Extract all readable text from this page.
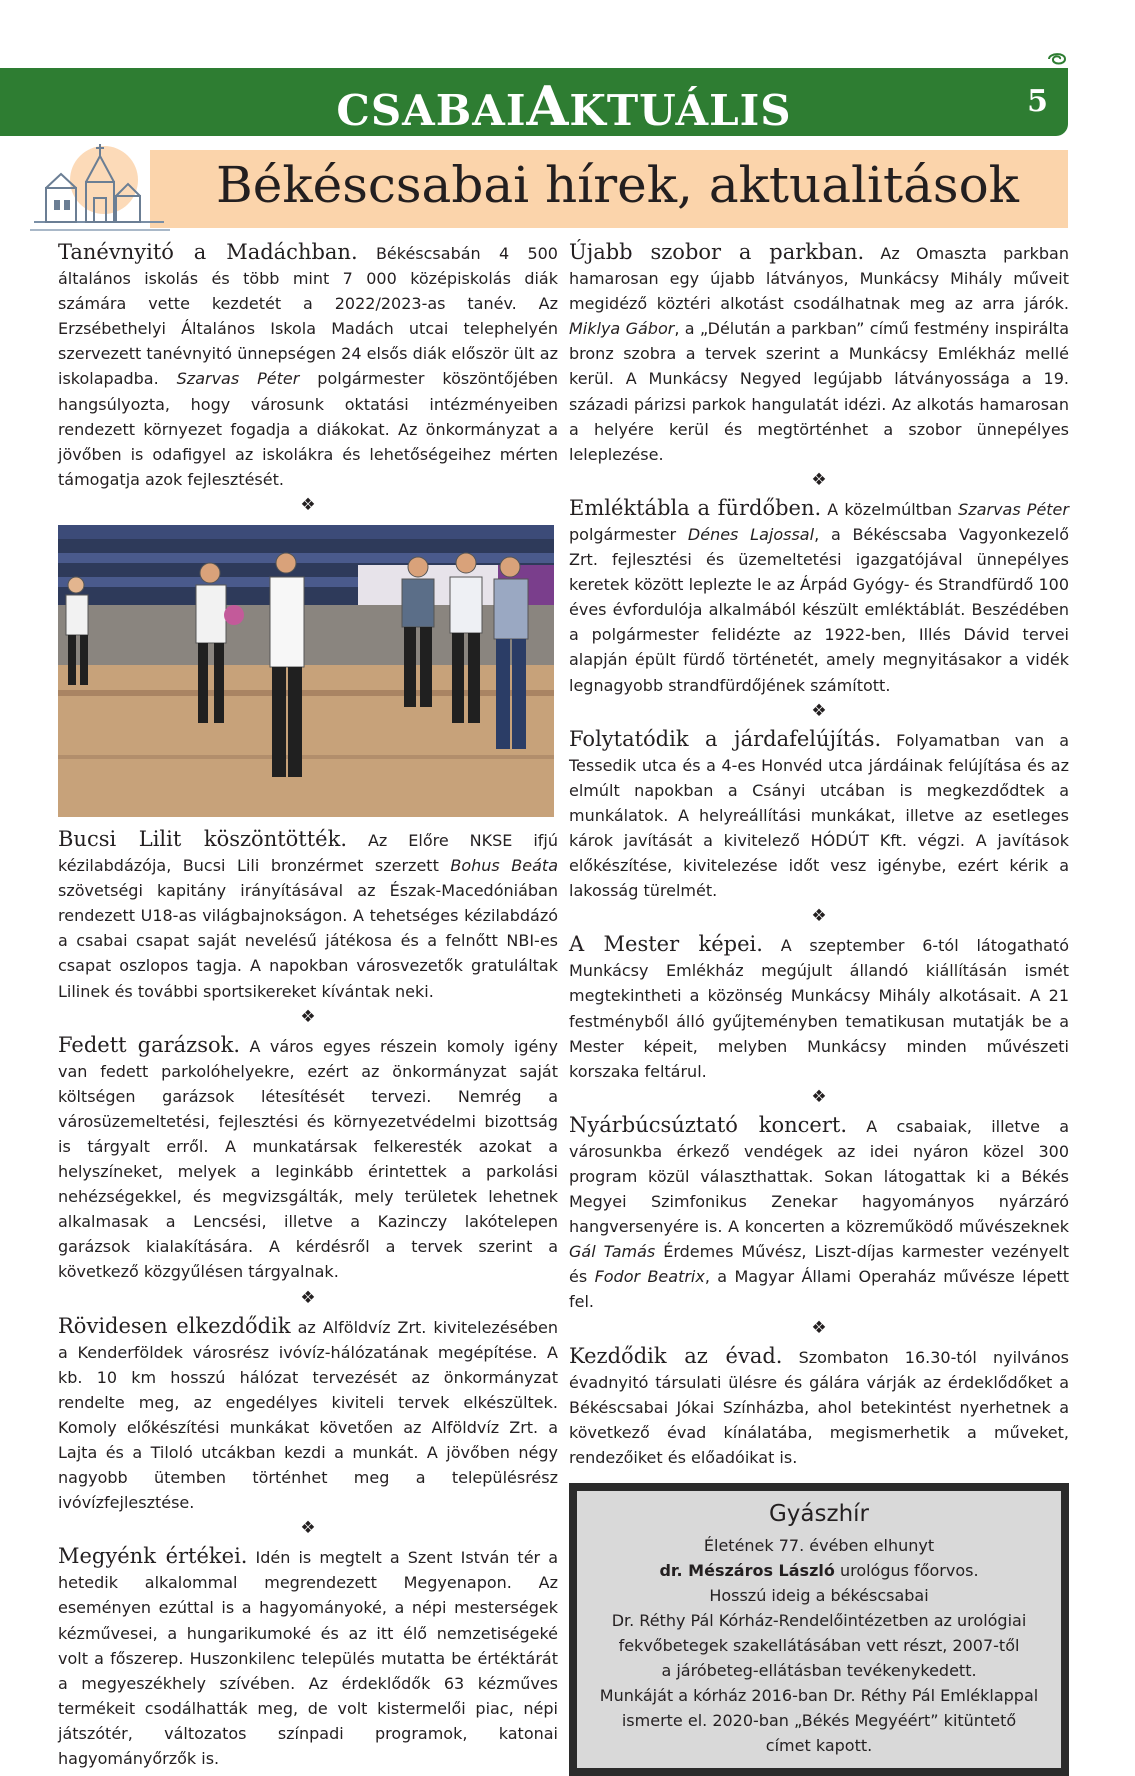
CSABAIAKTUÁLIS	5
Békéscsabai hírek, aktualitások

Tanévnyitó a Madáchban. Békéscsabán 4 500 általános iskolás és több mint 7 000 középiskolás diák számára vette kezdetét a 2022/2023-as tanév. Az Erzsébethelyi Általános Iskola Madách utcai telephelyén szervezett tanévnyitó ünnepségen 24 elsős diák először ült az iskolapadba. Szarvas Péter polgármester köszöntőjében hangsúlyozta, hogy városunk oktatási intézményeiben rendezett környezet fogadja a diákokat. Az önkormányzat a jövőben is odafigyel az iskolákra és lehetőségeihez mérten támogatja azok fejlesztését.

❖

Bucsi Lilit köszöntötték. Az Előre NKSE ifjú kézilabdázója, Bucsi Lili bronzérmet szerzett Bohus Beáta szövetségi kapitány irányításával az Észak-Macedóniában rendezett U18-as világbajnokságon. A tehetséges kézilabdázó a csabai csapat saját nevelésű játékosa és a felnőtt NBI-es csapat oszlopos tagja. A napokban városvezetők gratuláltak Lilinek és további sportsikereket kívántak neki.

❖

Fedett garázsok. A város egyes részein komoly igény van fedett parkolóhelyekre, ezért az önkormányzat saját költségen garázsok létesítését tervezi. Nemrég a városüzemeltetési, fejlesztési és környezetvédelmi bizottság is tárgyalt erről. A munkatársak felkeresték azokat a helyszíneket, melyek a leginkább érintettek a parkolási nehézségekkel, és megvizsgálták, mely területek lehetnek alkalmasak a Lencsési, illetve a Kazinczy lakótelepen garázsok kialakítására. A kérdésről a tervek szerint a következő közgyűlésen tárgyalnak.

❖

Rövidesen elkezdődik az Alföldvíz Zrt. kivitelezésében a Kenderföldek városrész ivóvíz-hálózatának megépítése. A kb. 10 km hosszú hálózat tervezését az önkormányzat rendelte meg, az engedélyes kiviteli tervek elkészültek. Komoly előkészítési munkákat követően az Alföldvíz Zrt. a Lajta és a Tiloló utcákban kezdi a munkát. A jövőben négy nagyobb ütemben történhet meg a településrész ivóvízfejlesztése.

❖

Megyénk értékei. Idén is megtelt a Szent István tér a hetedik alkalommal megrendezett Megyenapon. Az eseményen ezúttal is a hagyományoké, a népi mesterségek kézművesei, a hungarikumoké és az itt élő nemzetiségeké volt a főszerep. Huszonkilenc település mutatta be értéktárát a megyeszékhely szívében. Az érdeklődők 63 kézműves termékeit csodálhatták meg, de volt kistermelői piac, népi játszótér, változatos színpadi programok, katonai hagyományőrzők is.

Újabb szobor a parkban. Az Omaszta parkban hamarosan egy újabb látványos, Munkácsy Mihály műveit megidéző köztéri alkotást csodálhatnak meg az arra járók. Miklya Gábor, a „Délután a parkban” című festmény inspirálta bronz szobra a tervek szerint a Munkácsy Emlékház mellé kerül. A Munkácsy Negyed legújabb látványossága a 19. századi párizsi parkok hangulatát idézi. Az alkotás hamarosan a helyére kerül és megtörténhet a szobor ünnepélyes leleplezése.

❖

Emléktábla a fürdőben. A közelmúltban Szarvas Péter polgármester Dénes Lajossal, a Békéscsaba Vagyonkezelő Zrt. fejlesztési és üzemeltetési igazgatójával ünnepélyes keretek között leplezte le az Árpád Gyógy- és Strandfürdő 100 éves évfordulója alkalmából készült emléktáblát. Beszédében a polgármester felidézte az 1922-ben, Illés Dávid tervei alapján épült fürdő történetét, amely megnyitásakor a vidék legnagyobb strandfürdőjének számított.

❖

Folytatódik a járdafelújítás. Folyamatban van a Tessedik utca és a 4-es Honvéd utca járdáinak felújítása és az elmúlt napokban a Csányi utcában is megkezdődtek a munkálatok. A helyreállítási munkákat, illetve az esetleges károk javítását a kivitelező HÓDÚT Kft. végzi. A javítások előkészítése, kivitelezése időt vesz igénybe, ezért kérik a lakosság türelmét.

❖

A Mester képei. A szeptember 6-tól látogatható Munkácsy Emlékház megújult állandó kiállításán ismét megtekintheti a közönség Munkácsy Mihály alkotásait. A 21 festményből álló gyűjteményben tematikusan mutatják be a Mester képeit, melyben Munkácsy minden művészeti korszaka feltárul.

❖

Nyárbúcsúztató koncert. A csabaiak, illetve a városunkba érkező vendégek az idei nyáron közel 300 program közül választhattak. Sokan látogattak ki a Békés Megyei Szimfonikus Zenekar hagyományos nyárzáró hangversenyére is. A koncerten a közreműködő művészeknek Gál Tamás Érdemes Művész, Liszt-díjas karmester vezényelt és Fodor Beatrix, a Magyar Állami Operaház művésze lépett fel.

❖

Kezdődik az évad. Szombaton 16.30-tól nyilvános évadnyitó társulati ülésre és gálára várják az érdeklődőket a Békéscsabai Jókai Színházba, ahol betekintést nyerhetnek a következő évad kínálatába, megismerhetik a műveket, rendezőiket és előadóikat is.

Gyászhír
Életének 77. évében elhunyt
dr. Mészáros László urológus főorvos.
Hosszú ideig a békéscsabai
Dr. Réthy Pál Kórház-Rendelőintézetben az urológiai
fekvőbetegek szakellátásában vett részt, 2007-től
a járóbeteg-ellátásban tevékenykedett.
Munkáját a kórház 2016-ban Dr. Réthy Pál Emléklappal
ismerte el. 2020-ban „Békés Megyéért” kitüntető
címet kapott.
